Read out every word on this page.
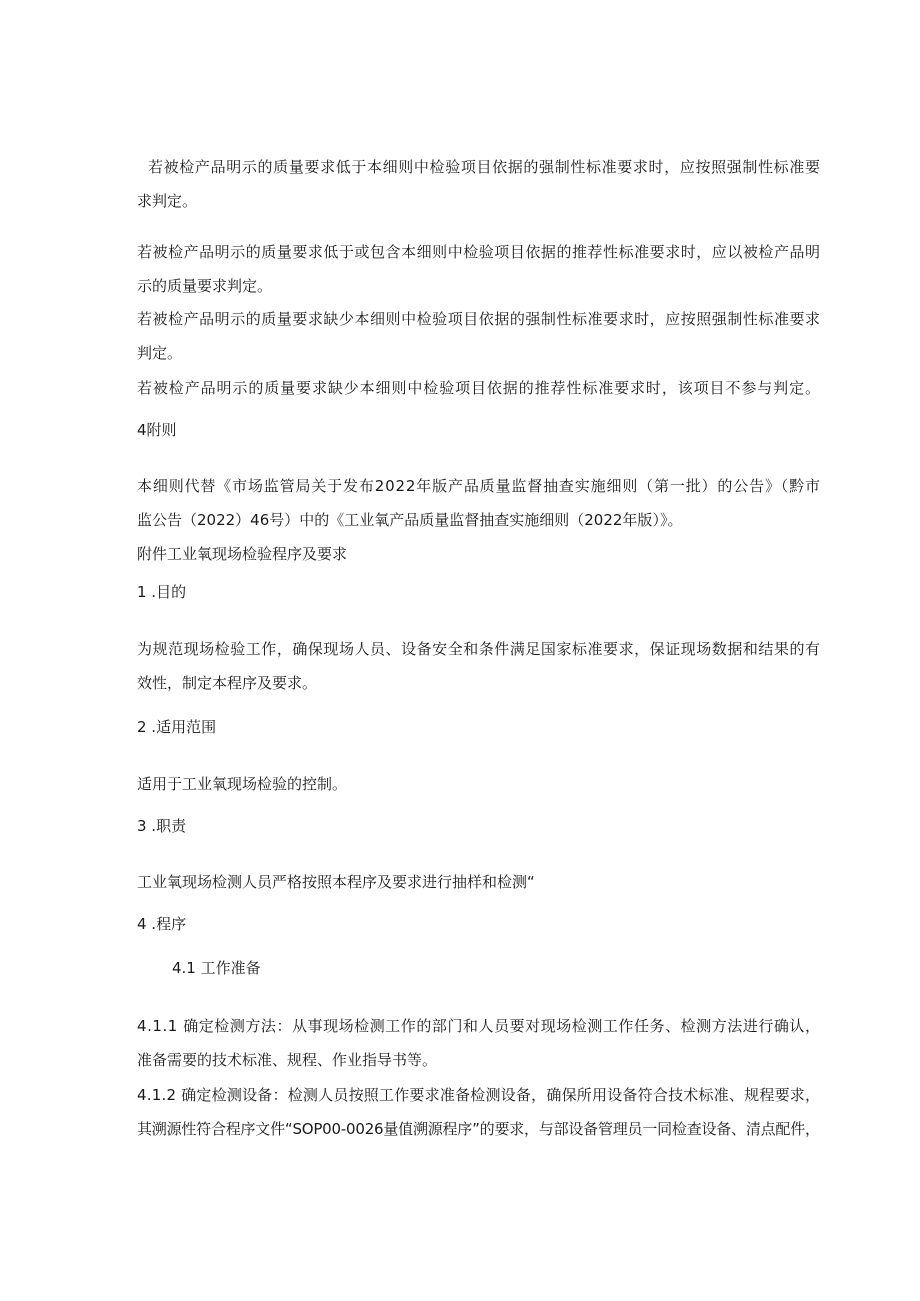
若被检产品明示的质量要求低于本细则中检验项目依据的强制性标准要求时，应按照强制性标准要
求判定。
若被检产品明示的质量要求低于或包含本细则中检验项目依据的推荐性标准要求时，应以被检产品明
示的质量要求判定。
若被检产品明示的质量要求缺少本细则中检验项目依据的强制性标准要求时，应按照强制性标准要求
判定。
若被检产品明示的质量要求缺少本细则中检验项目依据的推荐性标准要求时，该项目不参与判定。
4附则
本细则代替《市场监管局关于发布2022年版产品质量监督抽查实施细则（第一批）的公告》（黔市
监公告（2022）46号）中的《工业氧产品质量监督抽查实施细则（2022年版）》。
附件工业氧现场检验程序及要求
1 .目的
为规范现场检验工作，确保现场人员、设备安全和条件满足国家标准要求，保证现场数据和结果的有
效性，制定本程序及要求。
2 .适用范围
适用于工业氧现场检验的控制。
3 .职责
工业氧现场检测人员严格按照本程序及要求进行抽样和检测“
4 .程序
4.1 工作准备
4.1.1 确定检测方法：从事现场检测工作的部门和人员要对现场检测工作任务、检测方法进行确认，
准备需要的技术标准、规程、作业指导书等。
4.1.2 确定检测设备：检测人员按照工作要求准备检测设备，确保所用设备符合技术标准、规程要求，
其溯源性符合程序文件“SOP00-0026量值溯源程序”的要求，与部设备管理员一同检查设备、清点配件，
